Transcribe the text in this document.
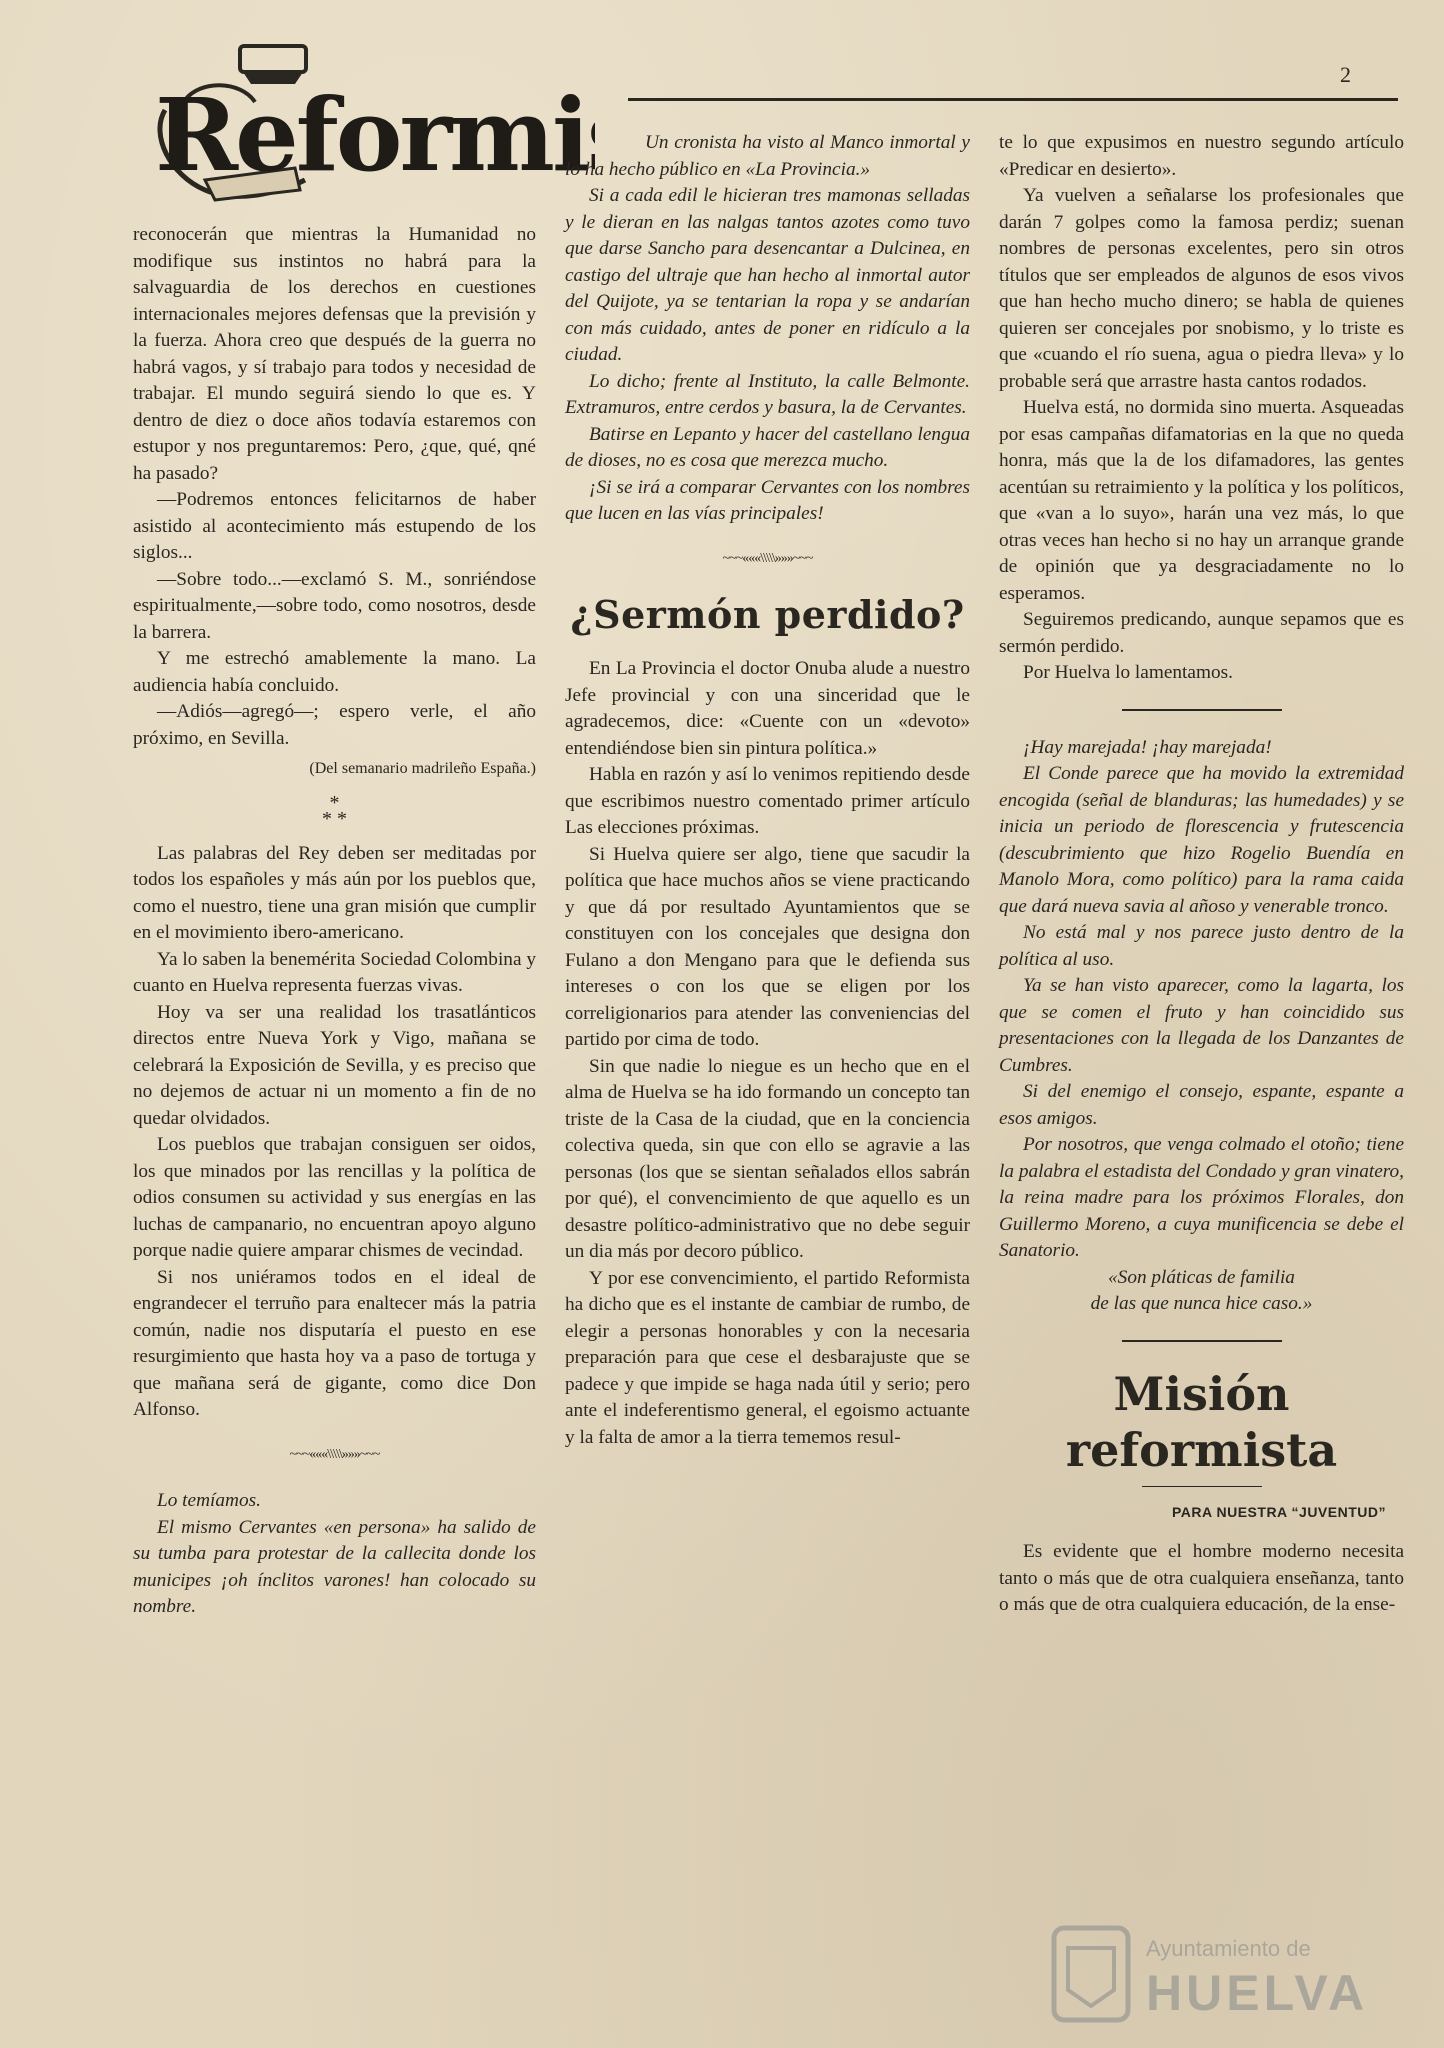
Reformi
2

reconocerán que mientras la Humanidad no modifique sus instintos no habrá para la salvaguardia de los derechos en cuestiones internacionales mejores defensas que la previsión y la fuerza. Ahora creo que después de la guerra no habrá vagos, y sí trabajo para todos y necesidad de trabajar. El mundo seguirá siendo lo que es. Y dentro de diez o doce años todavía estaremos con estupor y nos preguntaremos: Pero, ¿que, qué, qné ha pasado?

—Podremos entonces felicitarnos de haber asistido al acontecimiento más estupendo de los siglos...

—Sobre todo...—exclamó S. M., sonriéndose espiritualmente,—sobre todo, como nosotros, desde la barrera.

Y me estrechó amablemente la mano. La audiencia había concluido.

—Adiós—agregó—; espero verle, el año próximo, en Sevilla.

(Del semanario madrileño España.)
*
* *

Las palabras del Rey deben ser meditadas por todos los españoles y más aún por los pueblos que, como el nuestro, tiene una gran misión que cumplir en el movimiento ibero-americano.

Ya lo saben la benemérita Sociedad Colombina y cuanto en Huelva representa fuerzas vivas.

Hoy va ser una realidad los trasatlánticos directos entre Nueva York y Vigo, mañana se celebrará la Exposición de Sevilla, y es preciso que no dejemos de actuar ni un momento a fin de no quedar olvidados.

Los pueblos que trabajan consiguen ser oidos, los que minados por las rencillas y la política de odios consumen su actividad y sus energías en las luchas de campanario, no encuentran apoyo alguno porque nadie quiere amparar chismes de vecindad.

Si nos uniéramos todos en el ideal de engrandecer el terruño para enaltecer más la patria común, nadie nos disputaría el puesto en ese resurgimiento que hasta hoy va a paso de tortuga y que mañana será de gigante, como dice Don Alfonso.

~~~«««\\\\\»»»~~~

Lo temíamos.

El mismo Cervantes «en persona» ha salido de su tumba para protestar de la callecita donde los municipes ¡oh ínclitos varones! han colocado su nombre.

Un cronista ha visto al Manco inmortal y lo ha hecho público en «La Provincia.»

Si a cada edil le hicieran tres mamonas selladas y le dieran en las nalgas tantos azotes como tuvo que darse Sancho para desencantar a Dulcinea, en castigo del ultraje que han hecho al inmortal autor del Quijote, ya se tentarian la ropa y se andarían con más cuidado, antes de poner en ridículo a la ciudad.

Lo dicho; frente al Instituto, la calle Belmonte. Extramuros, entre cerdos y basura, la de Cervantes.

Batirse en Lepanto y hacer del castellano lengua de dioses, no es cosa que merezca mucho.

¡Si se irá a comparar Cervantes con los nombres que lucen en las vías principales!

~~~«««\\\\\»»»~~~
¿Sermón perdido?

En La Provincia el doctor Onuba alude a nuestro Jefe provincial y con una sinceridad que le agradecemos, dice: «Cuente con un «devoto» entendiéndose bien sin pintura política.»

Habla en razón y así lo venimos repitiendo desde que escribimos nuestro comentado primer artículo Las elecciones próximas.

Si Huelva quiere ser algo, tiene que sacudir la política que hace muchos años se viene practicando y que dá por resultado Ayuntamientos que se constituyen con los concejales que designa don Fulano a don Mengano para que le defienda sus intereses o con los que se eligen por los correligionarios para atender las conveniencias del partido por cima de todo.

Sin que nadie lo niegue es un hecho que en el alma de Huelva se ha ido formando un concepto tan triste de la Casa de la ciudad, que en la conciencia colectiva queda, sin que con ello se agravie a las personas (los que se sientan señalados ellos sabrán por qué), el convencimiento de que aquello es un desastre político-administrativo que no debe seguir un dia más por decoro público.

Y por ese convencimiento, el partido Reformista ha dicho que es el instante de cambiar de rumbo, de elegir a personas honorables y con la necesaria preparación para que cese el desbarajuste que se padece y que impide se haga nada útil y serio; pero ante el indeferentismo general, el egoismo actuante y la falta de amor a la tierra tememos resul-

te lo que expusimos en nuestro segundo artículo «Predicar en desierto».

Ya vuelven a señalarse los profesionales que darán 7 golpes como la famosa perdiz; suenan nombres de personas excelentes, pero sin otros títulos que ser empleados de algunos de esos vivos que han hecho mucho dinero; se habla de quienes quieren ser concejales por snobismo, y lo triste es que «cuando el río suena, agua o piedra lleva» y lo probable será que arrastre hasta cantos rodados.

Huelva está, no dormida sino muerta. Asqueadas por esas campañas difamatorias en la que no queda honra, más que la de los difamadores, las gentes acentúan su retraimiento y la política y los políticos, que «van a lo suyo», harán una vez más, lo que otras veces han hecho si no hay un arranque grande de opinión que ya desgraciadamente no lo esperamos.

Seguiremos predicando, aunque sepamos que es sermón perdido.

Por Huelva lo lamentamos.

¡Hay marejada! ¡hay marejada!

El Conde parece que ha movido la extremidad encogida (señal de blanduras; las humedades) y se inicia un periodo de florescencia y frutescencia (descubrimiento que hizo Rogelio Buendía en Manolo Mora, como político) para la rama caida que dará nueva savia al añoso y venerable tronco.

No está mal y nos parece justo dentro de la política al uso.

Ya se han visto aparecer, como la lagarta, los que se comen el fruto y han coincidido sus presentaciones con la llegada de los Danzantes de Cumbres.

Si del enemigo el consejo, espante, espante a esos amigos.

Por nosotros, que venga colmado el otoño; tiene la palabra el estadista del Condado y gran vinatero, la reina madre para los próximos Florales, don Guillermo Moreno, a cuya munificencia se debe el Sanatorio.

«Son pláticas de familia

de las que nunca hice caso.»

Misión reformista
PARA NUESTRA “JUVENTUD”

Es evidente que el hombre moderno necesita tanto o más que de otra cualquiera enseñanza, tanto o más que de otra cualquiera educación, de la ense-

Ayuntamiento de
HUELVA
